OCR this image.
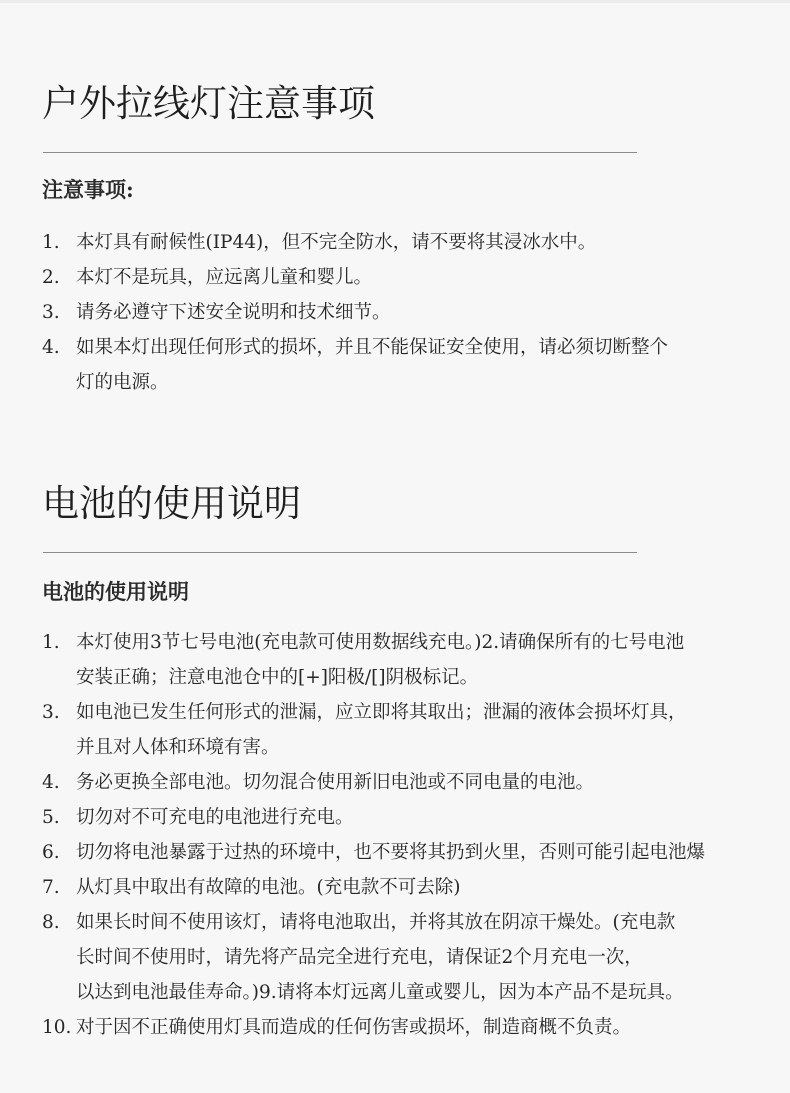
户外拉线灯注意事项
注意事项:
1. 本灯具有耐候性(IP44)，但不完全防水，请不要将其浸冰水中。
2. 本灯不是玩具，应远离儿童和婴儿。
3. 请务必遵守下述安全说明和技术细节。
4. 如果本灯出现任何形式的损坏，并且不能保证安全使用，请必须切断整个
灯的电源。
电池的使用说明
电池的使用说明
1. 本灯使用3节七号电池(充电款可使用数据线充电。)2.请确保所有的七号电池
安装正确；注意电池仓中的[+]阳极/[]阴极标记。
3. 如电池已发生任何形式的泄漏，应立即将其取出；泄漏的液体会损坏灯具，
并且对人体和环境有害。
4. 务必更换全部电池。切勿混合使用新旧电池或不同电量的电池。
5. 切勿对不可充电的电池进行充电。
6. 切勿将电池暴露于过热的环境中，也不要将其扔到火里，否则可能引起电池爆
7. 从灯具中取出有故障的电池。(充电款不可去除)
8. 如果长时间不使用该灯，请将电池取出，并将其放在阴凉干燥处。(充电款
长时间不使用时，请先将产品完全进行充电，请保证2个月充电一次，
以达到电池最佳寿命。)9.请将本灯远离儿童或婴儿，因为本产品不是玩具。
10. 对于因不正确使用灯具而造成的任何伤害或损坏，制造商概不负责。
